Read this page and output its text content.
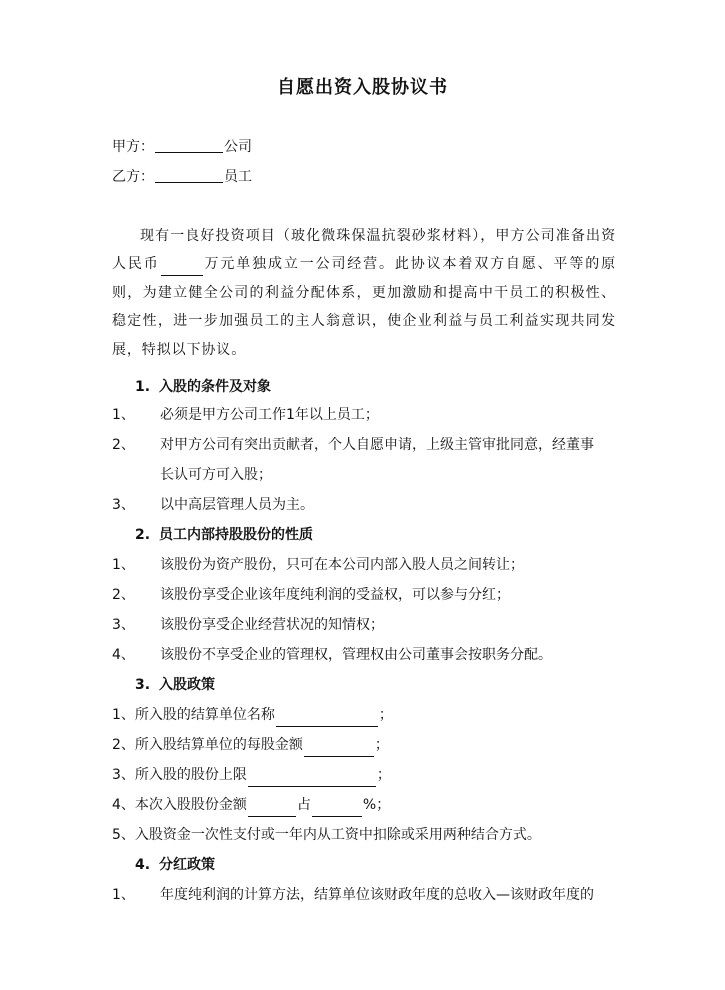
自愿出资入股协议书
甲方：	公司
乙方：	员工
现有一良好投资项目（玻化微珠保温抗裂砂浆材料），甲方公司准备出资人民币	万元单独成立一公司经营。此协议本着双方自愿、平等的原则，为建立健全公司的利益分配体系，更加激励和提高中干员工的积极性、稳定性，进一步加强员工的主人翁意识，使企业利益与员工利益实现共同发展，特拟以下协议。
1. 入股的条件及对象
1、 必须是甲方公司工作1年以上员工；
2、 对甲方公司有突出贡献者，个人自愿申请，上级主管审批同意，经董事
长认可方可入股；
3、 以中高层管理人员为主。
2. 员工内部持股股份的性质
1、 该股份为资产股份，只可在本公司内部入股人员之间转让；
2、 该股份享受企业该年度纯利润的受益权，可以参与分红；
3、 该股份享受企业经营状况的知情权；
4、 该股份不享受企业的管理权，管理权由公司董事会按职务分配。
3. 入股政策
1、所入股的结算单位名称	；
2、所入股结算单位的每股金额	；
3、所入股的股份上限	；
4、本次入股股份金额	占	%；
5、入股资金一次性支付或一年内从工资中扣除或采用两种结合方式。
4. 分红政策
1、 年度纯利润的计算方法，结算单位该财政年度的总收入—该财政年度的
